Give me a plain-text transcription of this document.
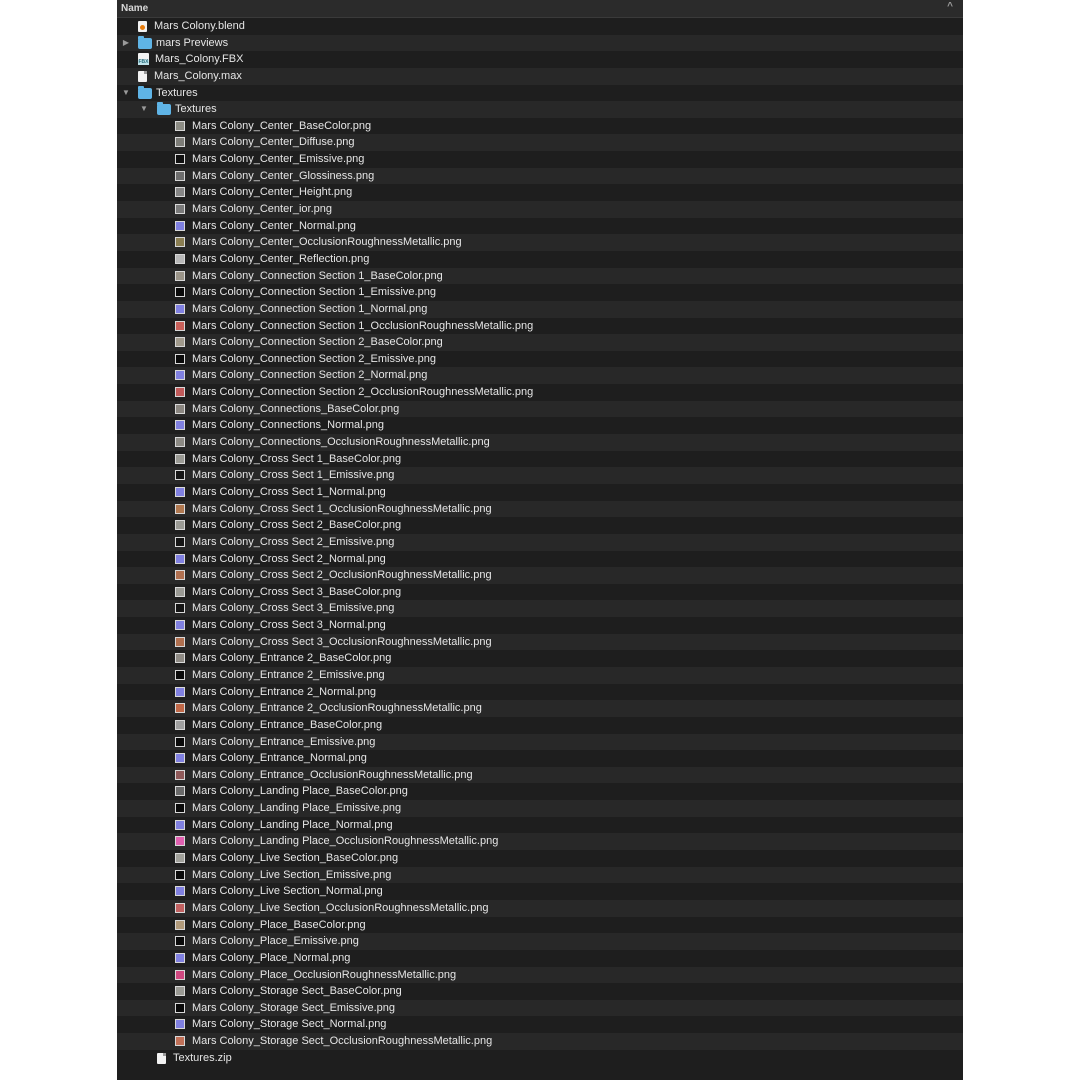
Name	^
Mars Colony.blend
▶ mars Previews
FBX
Mars_Colony.FBX
Mars_Colony.max
▼ Textures
▼ Textures
Mars Colony_Center_BaseColor.png
Mars Colony_Center_Diffuse.png
Mars Colony_Center_Emissive.png
Mars Colony_Center_Glossiness.png
Mars Colony_Center_Height.png
Mars Colony_Center_ior.png
Mars Colony_Center_Normal.png
Mars Colony_Center_OcclusionRoughnessMetallic.png
Mars Colony_Center_Reflection.png
Mars Colony_Connection Section 1_BaseColor.png
Mars Colony_Connection Section 1_Emissive.png
Mars Colony_Connection Section 1_Normal.png
Mars Colony_Connection Section 1_OcclusionRoughnessMetallic.png
Mars Colony_Connection Section 2_BaseColor.png
Mars Colony_Connection Section 2_Emissive.png
Mars Colony_Connection Section 2_Normal.png
Mars Colony_Connection Section 2_OcclusionRoughnessMetallic.png
Mars Colony_Connections_BaseColor.png
Mars Colony_Connections_Normal.png
Mars Colony_Connections_OcclusionRoughnessMetallic.png
Mars Colony_Cross Sect 1_BaseColor.png
Mars Colony_Cross Sect 1_Emissive.png
Mars Colony_Cross Sect 1_Normal.png
Mars Colony_Cross Sect 1_OcclusionRoughnessMetallic.png
Mars Colony_Cross Sect 2_BaseColor.png
Mars Colony_Cross Sect 2_Emissive.png
Mars Colony_Cross Sect 2_Normal.png
Mars Colony_Cross Sect 2_OcclusionRoughnessMetallic.png
Mars Colony_Cross Sect 3_BaseColor.png
Mars Colony_Cross Sect 3_Emissive.png
Mars Colony_Cross Sect 3_Normal.png
Mars Colony_Cross Sect 3_OcclusionRoughnessMetallic.png
Mars Colony_Entrance 2_BaseColor.png
Mars Colony_Entrance 2_Emissive.png
Mars Colony_Entrance 2_Normal.png
Mars Colony_Entrance 2_OcclusionRoughnessMetallic.png
Mars Colony_Entrance_BaseColor.png
Mars Colony_Entrance_Emissive.png
Mars Colony_Entrance_Normal.png
Mars Colony_Entrance_OcclusionRoughnessMetallic.png
Mars Colony_Landing Place_BaseColor.png
Mars Colony_Landing Place_Emissive.png
Mars Colony_Landing Place_Normal.png
Mars Colony_Landing Place_OcclusionRoughnessMetallic.png
Mars Colony_Live Section_BaseColor.png
Mars Colony_Live Section_Emissive.png
Mars Colony_Live Section_Normal.png
Mars Colony_Live Section_OcclusionRoughnessMetallic.png
Mars Colony_Place_BaseColor.png
Mars Colony_Place_Emissive.png
Mars Colony_Place_Normal.png
Mars Colony_Place_OcclusionRoughnessMetallic.png
Mars Colony_Storage Sect_BaseColor.png
Mars Colony_Storage Sect_Emissive.png
Mars Colony_Storage Sect_Normal.png
Mars Colony_Storage Sect_OcclusionRoughnessMetallic.png
Textures.zip
